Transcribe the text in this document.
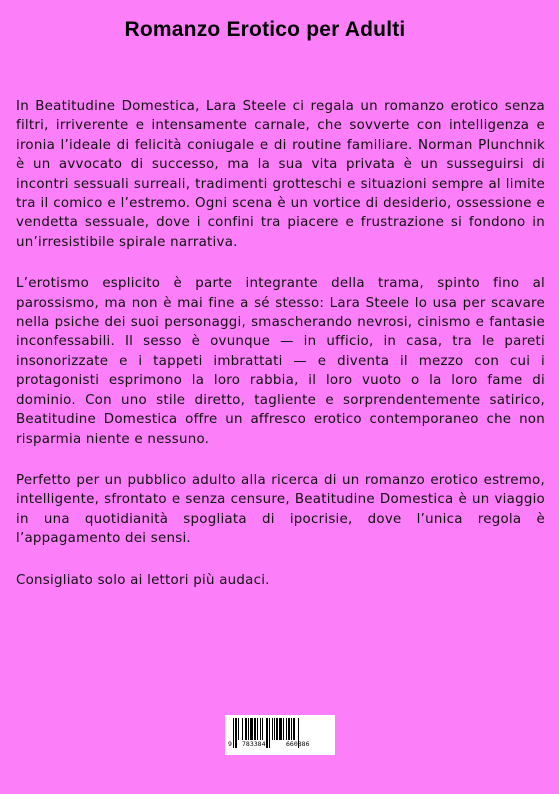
Romanzo Erotico per Adulti

In Beatitudine Domestica, Lara Steele ci regala un romanzo erotico senza filtri, irriverente e intensamente carnale, che sovverte con intelligenza e ironia l’ideale di felicità coniugale e di routine familiare. Norman Plunchnik è un avvocato di successo, ma la sua vita privata è un susseguirsi di incontri sessuali surreali, tradimenti grotteschi e situazioni sempre al limite tra il comico e l’estremo. Ogni scena è un vortice di desiderio, ossessione e vendetta sessuale, dove i confini tra piacere e frustrazione si fondono in un’irresistibile spirale narrativa.

L’erotismo esplicito è parte integrante della trama, spinto fino al parossismo, ma non è mai fine a sé stesso: Lara Steele lo usa per scavare nella psiche dei suoi personaggi, smascherando nevrosi, cinismo e fantasie inconfessabili. Il sesso è ovunque — in ufficio, in casa, tra le pareti insonorizzate e i tappeti imbrattati — e diventa il mezzo con cui i protagonisti esprimono la loro rabbia, il loro vuoto o la loro fame di dominio. Con uno stile diretto, tagliente e sorprendentemente satirico, Beatitudine Domestica offre un affresco erotico contemporaneo che non risparmia niente e nessuno.

Perfetto per un pubblico adulto alla ricerca di un romanzo erotico estremo, intelligente, sfrontato e senza censure, Beatitudine Domestica è un viaggio in una quotidianità spogliata di ipocrisie, dove l’unica regola è l’appagamento dei sensi.

Consigliato solo ai lettori più audaci.

9 783384	660886
